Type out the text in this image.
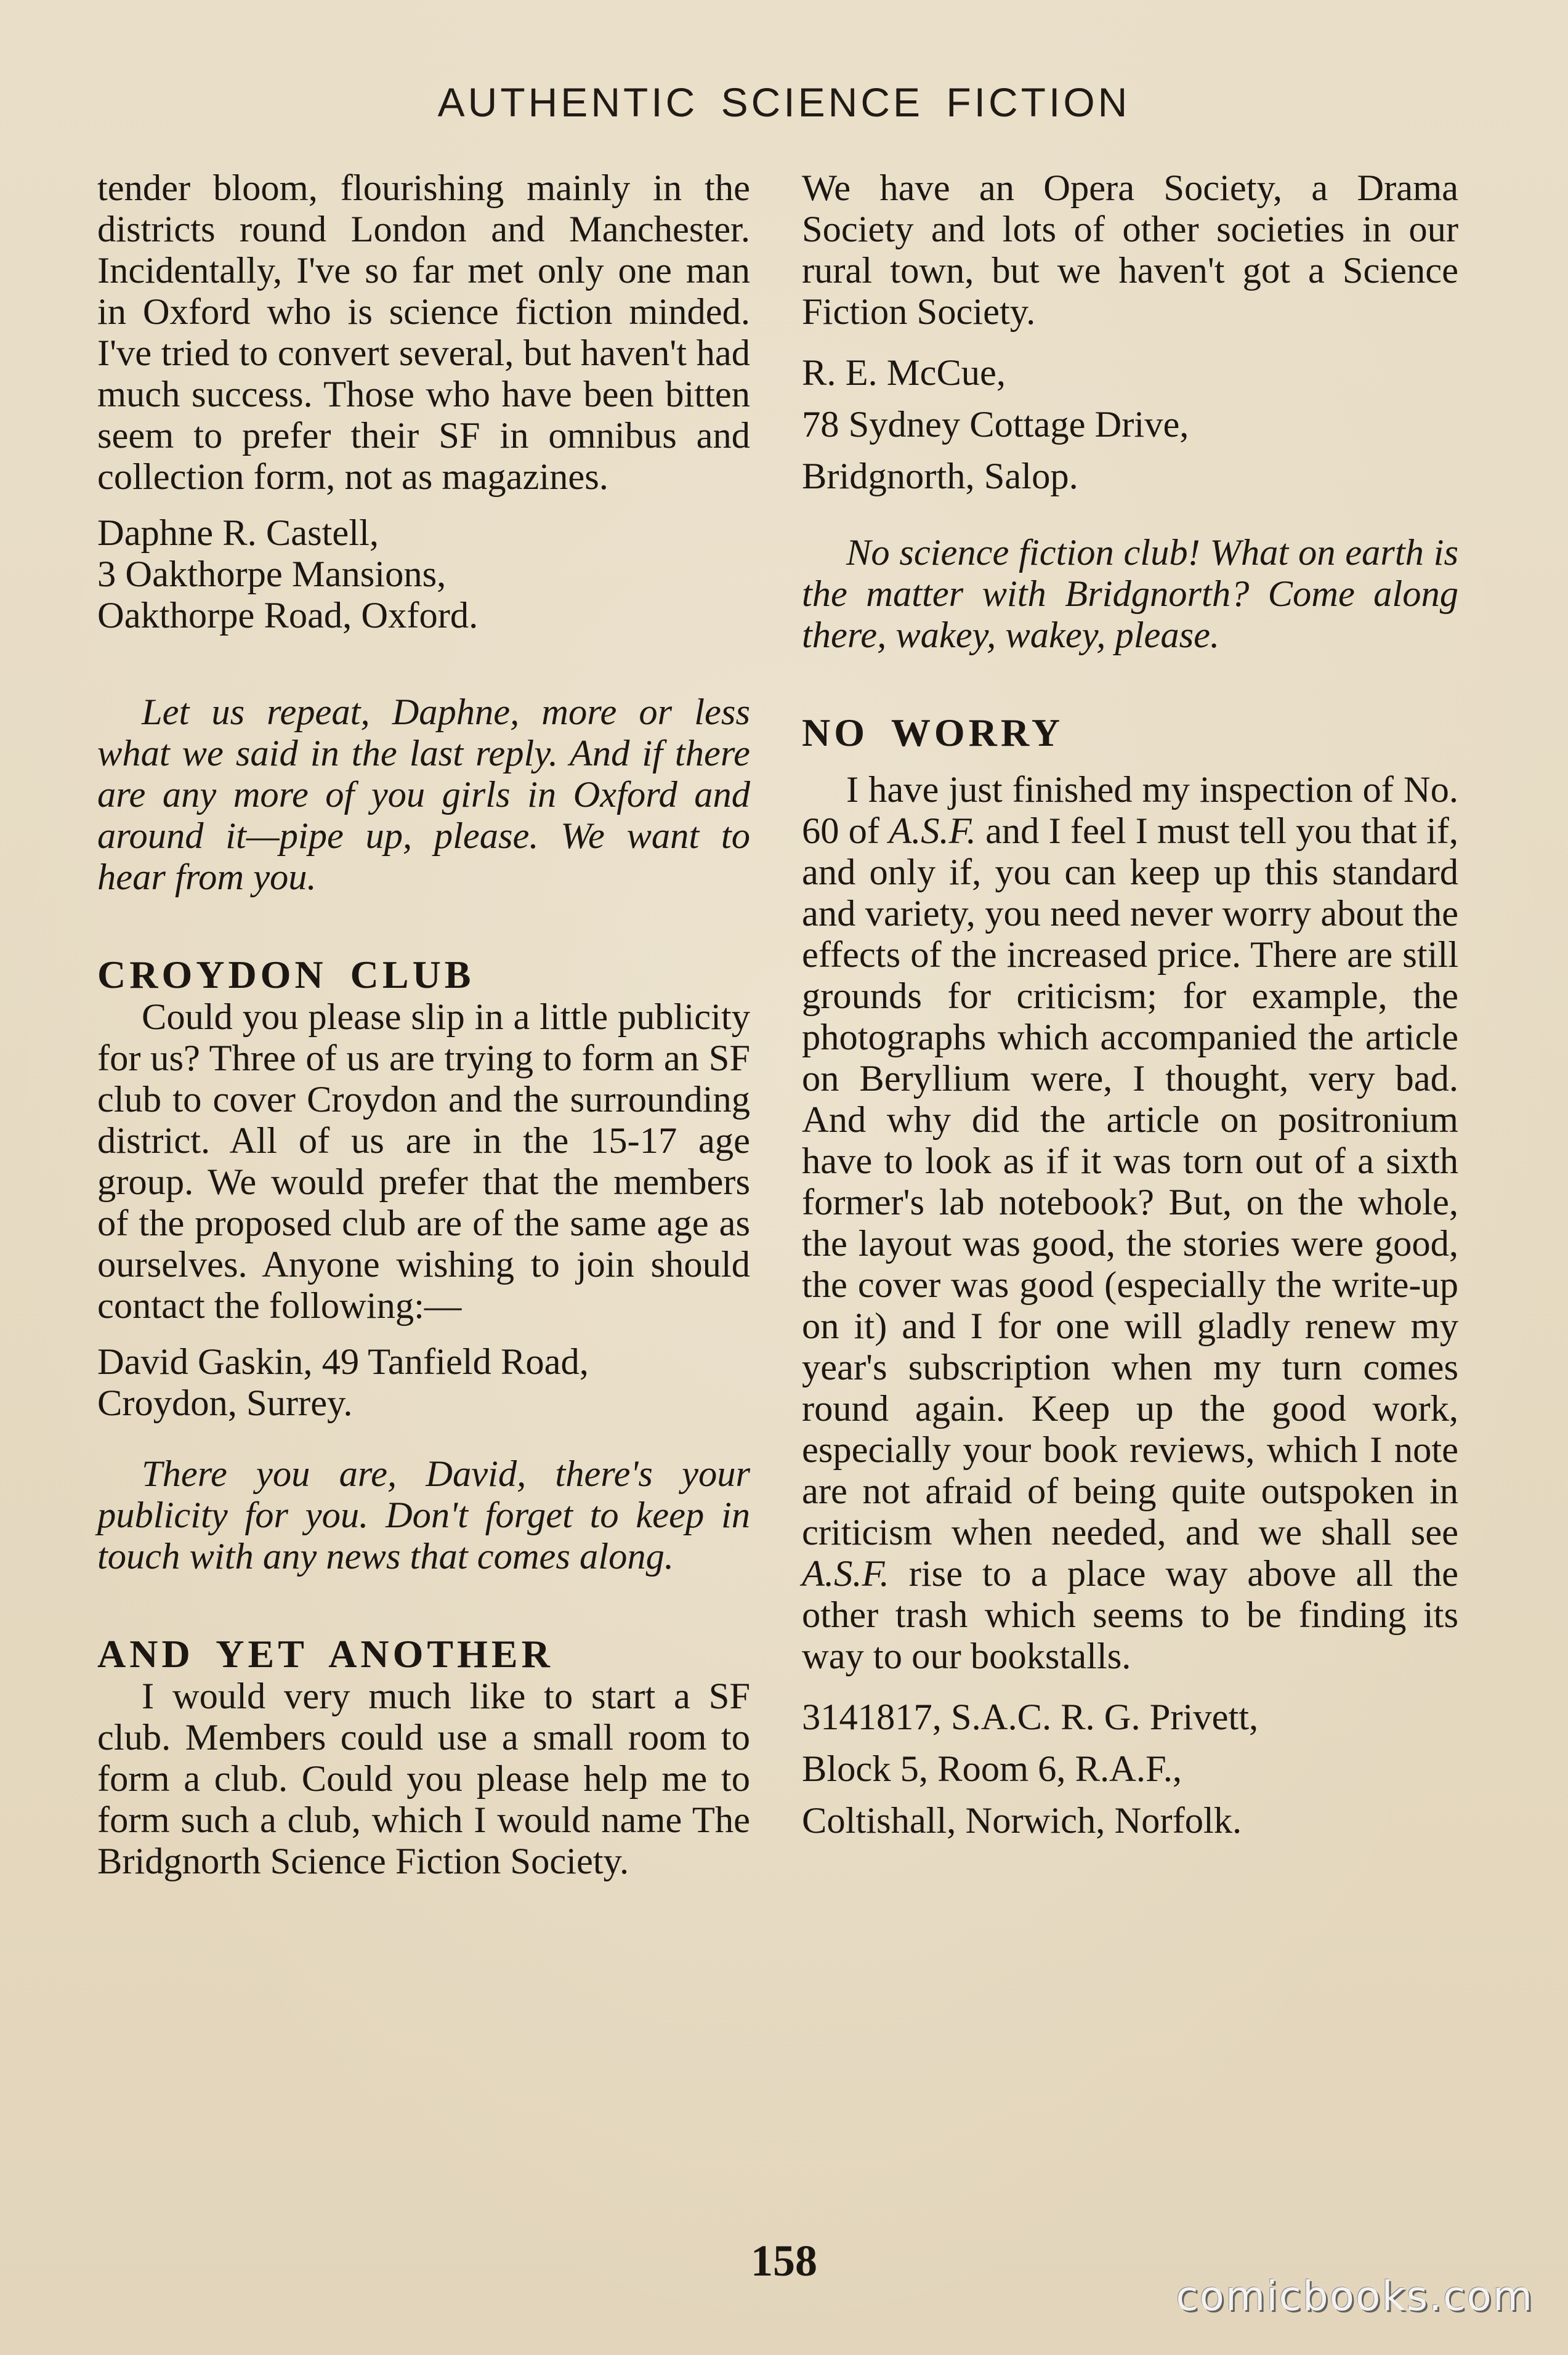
AUTHENTIC SCIENCE FICTION

tender bloom, flourishing mainly in the districts round London and Manchester. Incidentally, I've so far met only one man in Oxford who is science fiction minded. I've tried to convert several, but haven't had much success. Those who have been bitten seem to prefer their SF in omnibus and collection form, not as magazines.

Daphne R. Castell,
3 Oakthorpe Mansions,
Oakthorpe Road, Oxford.

Let us repeat, Daphne, more or less what we said in the last reply. And if there are any more of you girls in Oxford and around it—pipe up, please. We want to hear from you.

CROYDON CLUB

Could you please slip in a little publicity for us? Three of us are trying to form an SF club to cover Croydon and the surrounding district. All of us are in the 15-17 age group. We would prefer that the members of the proposed club are of the same age as ourselves. Anyone wishing to join should contact the following:—

David Gaskin, 49 Tanfield Road,
Croydon, Surrey.

There you are, David, there's your publicity for you. Don't forget to keep in touch with any news that comes along.

AND YET ANOTHER

I would very much like to start a SF club. Members could use a small room to form a club. Could you please help me to form such a club, which I would name The Bridgnorth Science Fiction Society.

We have an Opera Society, a Drama Society and lots of other societies in our rural town, but we haven't got a Science Fiction Society.

R. E. McCue,
78 Sydney Cottage Drive,
Bridgnorth, Salop.

No science fiction club! What on earth is the matter with Bridgnorth? Come along there, wakey, wakey, please.

NO WORRY

I have just finished my inspection of No. 60 of A.S.F. and I feel I must tell you that if, and only if, you can keep up this standard and variety, you need never worry about the effects of the increased price. There are still grounds for criticism; for example, the photographs which accompanied the article on Beryllium were, I thought, very bad. And why did the article on positronium have to look as if it was torn out of a sixth former's lab notebook? But, on the whole, the layout was good, the stories were good, the cover was good (especially the write-up on it) and I for one will gladly renew my year's subscription when my turn comes round again. Keep up the good work, especially your book reviews, which I note are not afraid of being quite outspoken in criticism when needed, and we shall see A.S.F. rise to a place way above all the other trash which seems to be finding its way to our bookstalls.

3141817, S.A.C. R. G. Privett,
Block 5, Room 6, R.A.F.,
Coltishall, Norwich, Norfolk.

158
comicbooks.com
